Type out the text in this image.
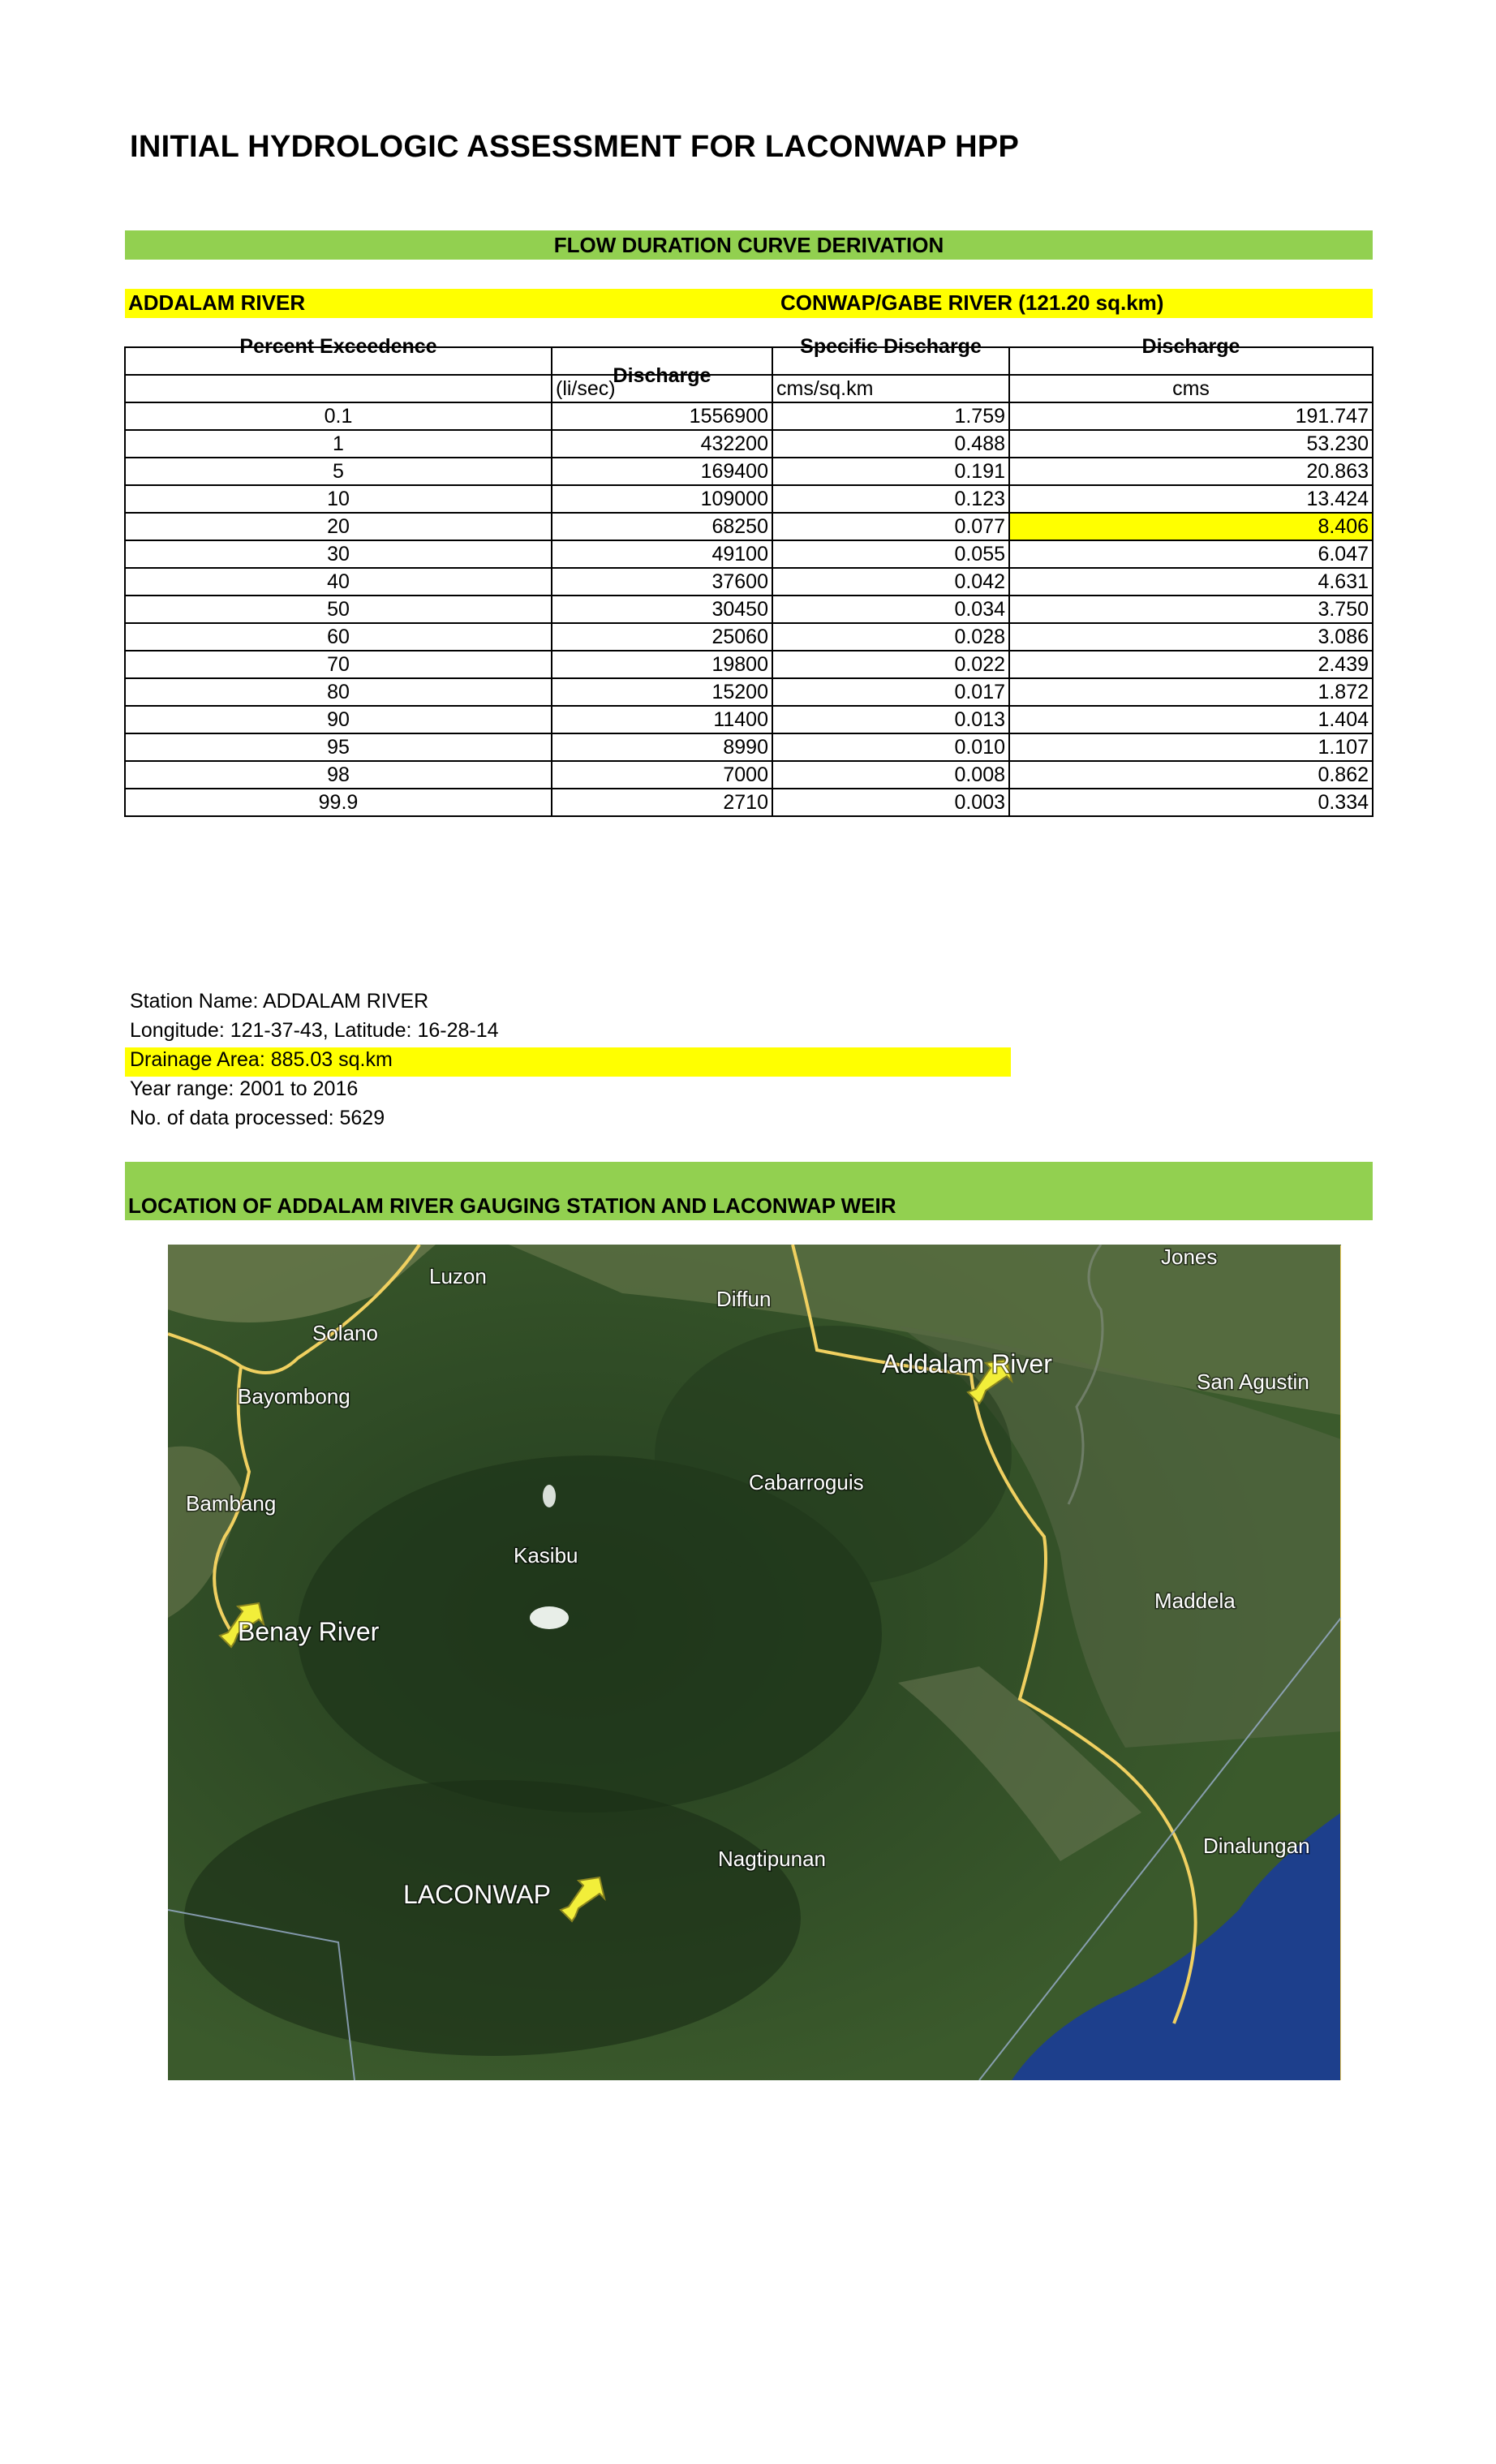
INITIAL HYDROLOGIC ASSESSMENT FOR LACONWAP HPP
FLOW DURATION CURVE DERIVATION
ADDALAM RIVER	CONWAP/GABE RIVER (121.20 sq.km)
Percent Exceedence	Discharge	Specific Discharge	Discharge
	(li/sec)	cms/sq.km	cms
0.1	1556900	1.759	191.747
1	432200	0.488	53.230
5	169400	0.191	20.863
10	109000	0.123	13.424
20	68250	0.077	8.406
30	49100	0.055	6.047
40	37600	0.042	4.631
50	30450	0.034	3.750
60	25060	0.028	3.086
70	19800	0.022	2.439
80	15200	0.017	1.872
90	11400	0.013	1.404
95	8990	0.010	1.107
98	7000	0.008	0.862
99.9	2710	0.003	0.334
Station Name: ADDALAM RIVER
Longitude: 121-37-43, Latitude: 16-28-14
Drainage Area: 885.03 sq.km
Year range: 2001 to 2016
No. of data processed: 5629
LOCATION OF ADDALAM RIVER GAUGING STATION AND LACONWAP WEIR
Luzon
Solano
Bayombong
Bambang
Kasibu
Benay River
Diffun
Addalam River
Cabarroguis
Jones
San Agustin
Maddela
Nagtipunan
LACONWAP
Dinalungan
